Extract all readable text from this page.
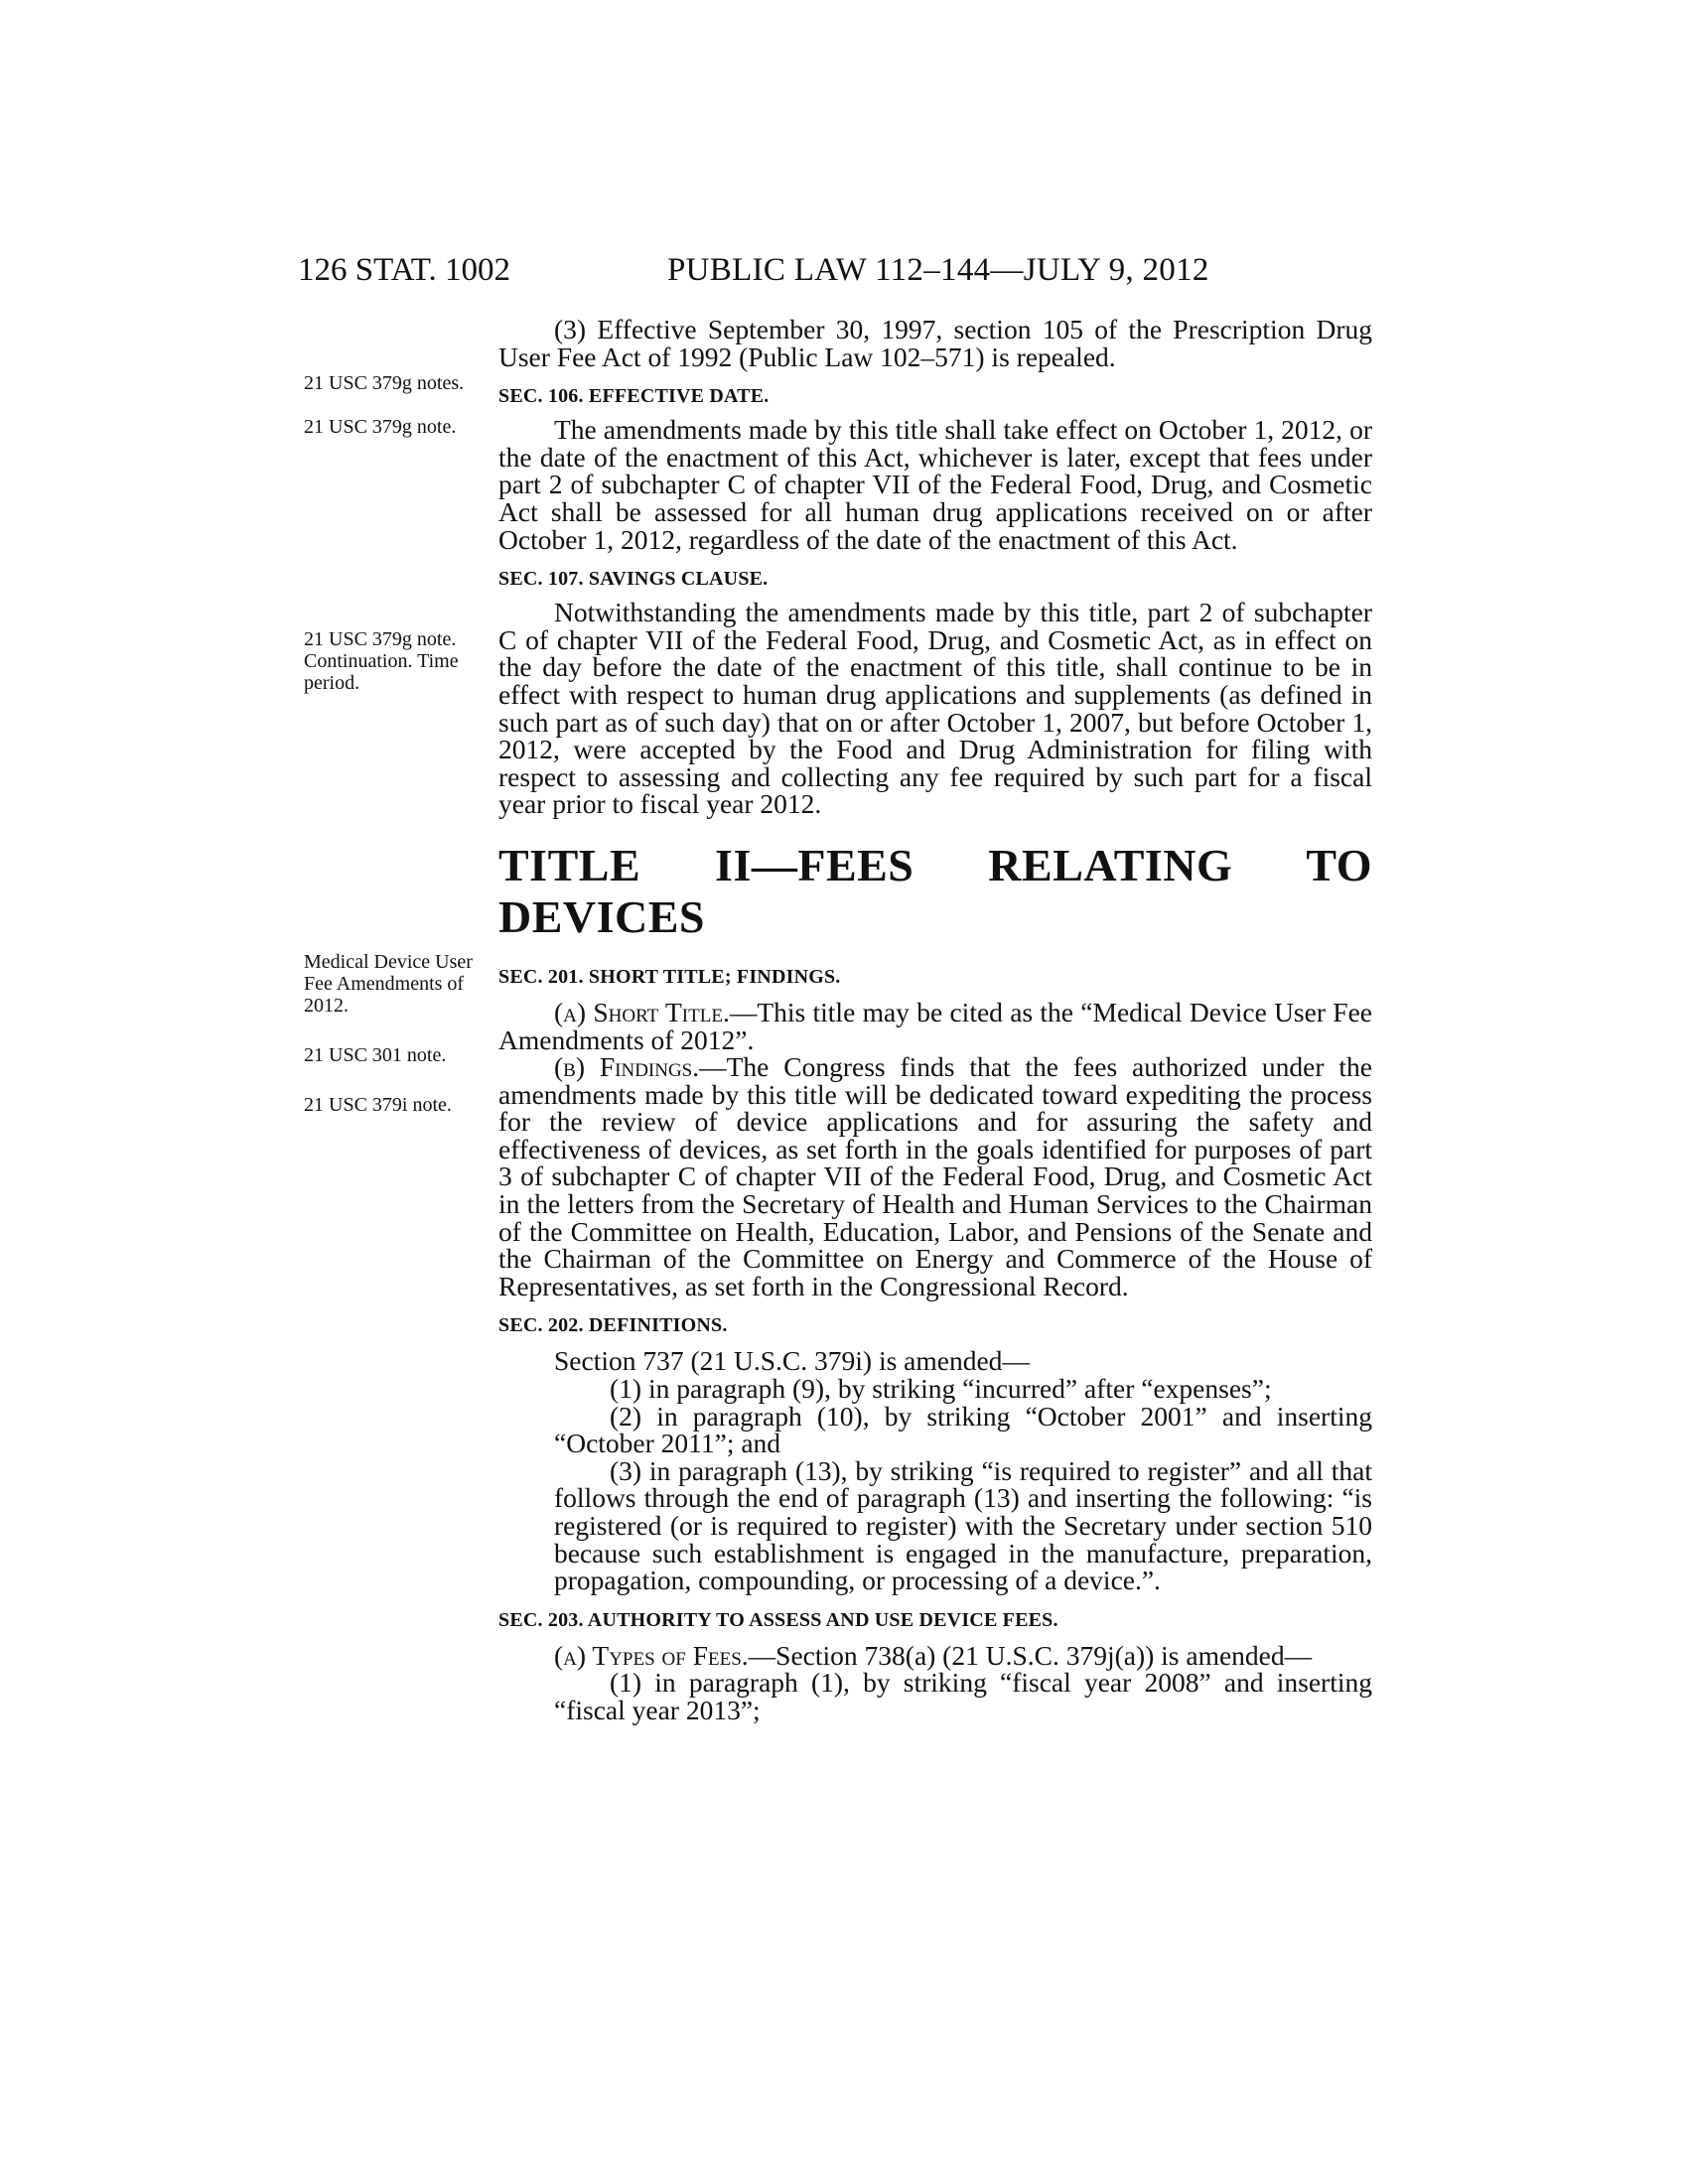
126 STAT. 1002	PUBLIC LAW 112–144—JULY 9, 2012
21 USC 379g notes.
21 USC 379g note.
21 USC 379g note. Continuation. Time period.
Medical Device User Fee Amendments of 2012.
21 USC 301 note.
21 USC 379i note.

(3) Effective September 30, 1997, section 105 of the Prescription Drug User Fee Act of 1992 (Public Law 102–571) is repealed.

SEC. 106. EFFECTIVE DATE.

The amendments made by this title shall take effect on October 1, 2012, or the date of the enactment of this Act, whichever is later, except that fees under part 2 of subchapter C of chapter VII of the Federal Food, Drug, and Cosmetic Act shall be assessed for all human drug applications received on or after October 1, 2012, regardless of the date of the enactment of this Act.

SEC. 107. SAVINGS CLAUSE.

Notwithstanding the amendments made by this title, part 2 of subchapter C of chapter VII of the Federal Food, Drug, and Cosmetic Act, as in effect on the day before the date of the enactment of this title, shall continue to be in effect with respect to human drug applications and supplements (as defined in such part as of such day) that on or after October 1, 2007, but before October 1, 2012, were accepted by the Food and Drug Administration for filing with respect to assessing and collecting any fee required by such part for a fiscal year prior to fiscal year 2012.

TITLE II—FEES RELATING TO DEVICES

SEC. 201. SHORT TITLE; FINDINGS.

(a) Short Title.—This title may be cited as the “Medical Device User Fee Amendments of 2012”.

(b) Findings.—The Congress finds that the fees authorized under the amendments made by this title will be dedicated toward expediting the process for the review of device applications and for assuring the safety and effectiveness of devices, as set forth in the goals identified for purposes of part 3 of subchapter C of chapter VII of the Federal Food, Drug, and Cosmetic Act in the letters from the Secretary of Health and Human Services to the Chairman of the Committee on Health, Education, Labor, and Pensions of the Senate and the Chairman of the Committee on Energy and Commerce of the House of Representatives, as set forth in the Congressional Record.

SEC. 202. DEFINITIONS.

Section 737 (21 U.S.C. 379i) is amended—

(1) in paragraph (9), by striking “incurred” after “expenses”;

(2) in paragraph (10), by striking “October 2001” and inserting “October 2011”; and

(3) in paragraph (13), by striking “is required to register” and all that follows through the end of paragraph (13) and inserting the following: “is registered (or is required to register) with the Secretary under section 510 because such establishment is engaged in the manufacture, preparation, propagation, compounding, or processing of a device.”.

SEC. 203. AUTHORITY TO ASSESS AND USE DEVICE FEES.

(a) Types of Fees.—Section 738(a) (21 U.S.C. 379j(a)) is amended—

(1) in paragraph (1), by striking “fiscal year 2008” and inserting “fiscal year 2013”;
